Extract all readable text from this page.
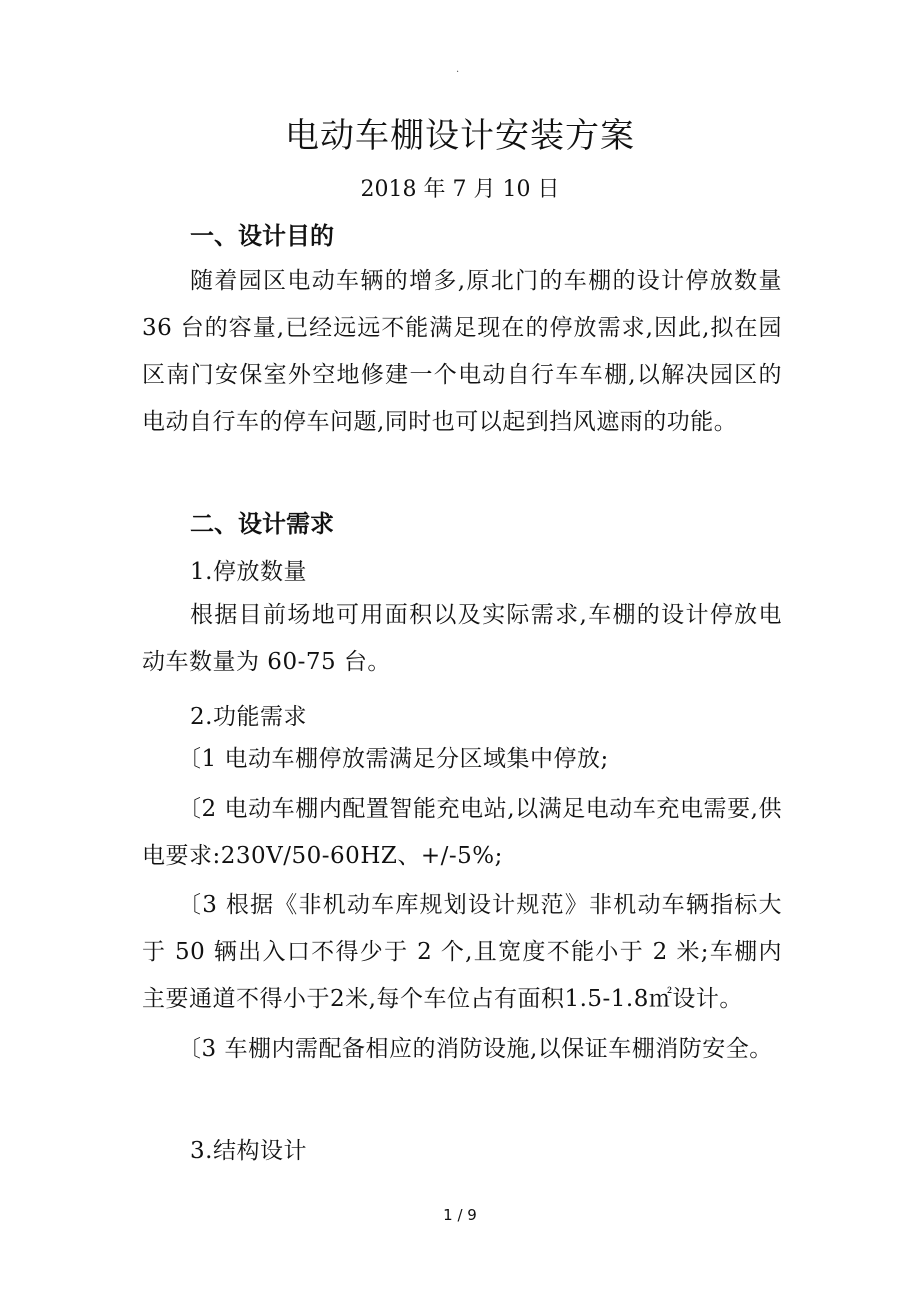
.
电动车棚设计安装方案
2018 年 7 月 10 日
一、设计目的
随着园区电动车辆的增多,原北门的车棚的设计停放数量 36 台的容量,已经远远不能满足现在的停放需求,因此,拟在园区南门安保室外空地修建一个电动自行车车棚,以解决园区的电动自行车的停车问题,同时也可以起到挡风遮雨的功能。
二、设计需求
1.停放数量
根据目前场地可用面积以及实际需求,车棚的设计停放电动车数量为 60-75 台。
2.功能需求
〔1 电动车棚停放需满足分区域集中停放;
〔2 电动车棚内配置智能充电站,以满足电动车充电需要,供电要求:230V/50-60HZ、+/-5%;
〔3 根据《非机动车库规划设计规范》非机动车辆指标大于 50 辆出入口不得少于 2 个,且宽度不能小于 2 米;车棚内主要通道不得小于2米,每个车位占有面积1.5-1.8㎡设计。
〔3 车棚内需配备相应的消防设施,以保证车棚消防安全。
3.结构设计
1 / 9
